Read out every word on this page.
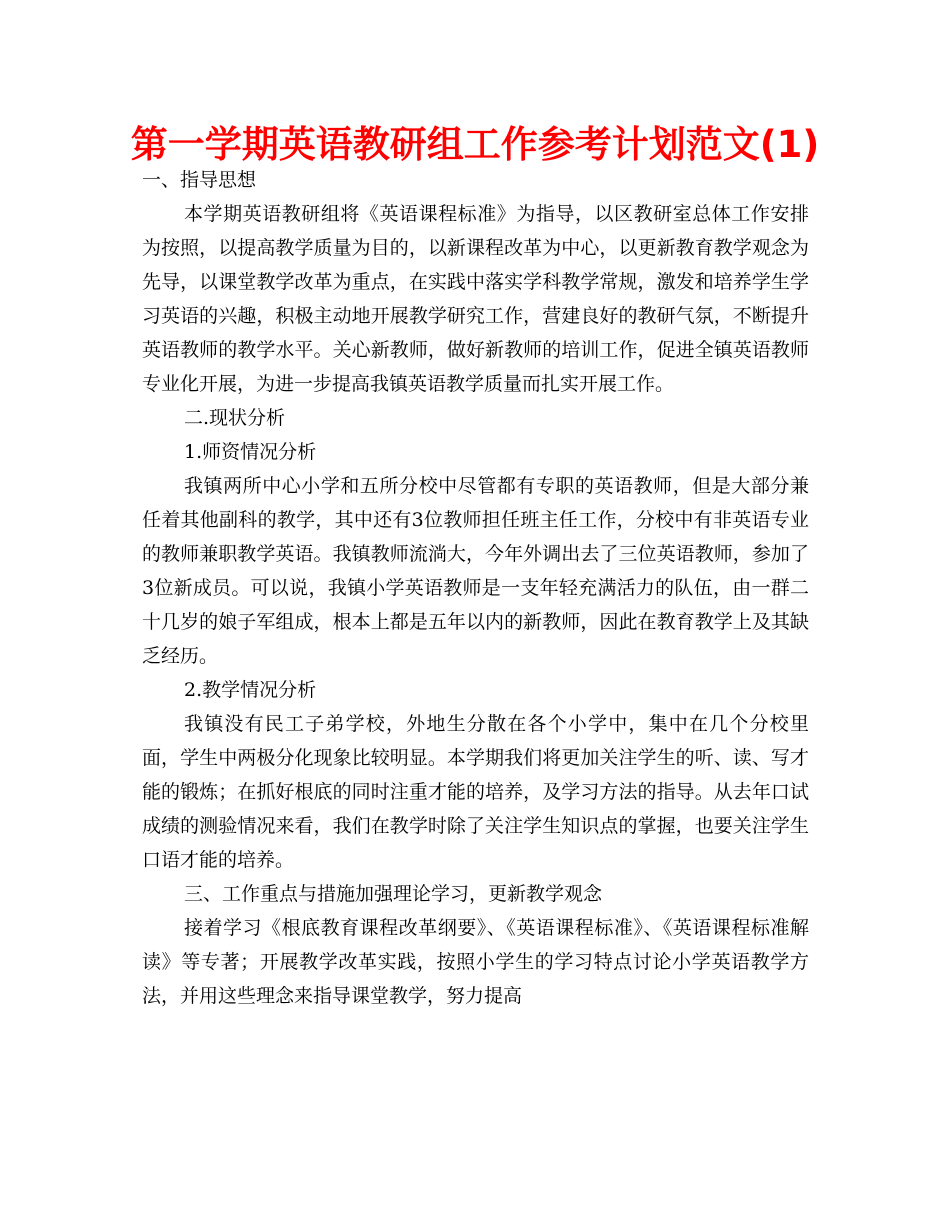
第一学期英语教研组工作参考计划范文(1)

一、指导思想

本学期英语教研组将《英语课程标准》为指导，以区教研室总体工作安排为按照，以提高教学质量为目的，以新课程改革为中心，以更新教育教学观念为先导，以课堂教学改革为重点，在实践中落实学科教学常规，激发和培养学生学习英语的兴趣，积极主动地开展教学研究工作，营建良好的教研气氛，不断提升英语教师的教学水平。关心新教师，做好新教师的培训工作，促进全镇英语教师专业化开展，为进一步提高我镇英语教学质量而扎实开展工作。

二.现状分析

1.师资情况分析

我镇两所中心小学和五所分校中尽管都有专职的英语教师，但是大部分兼任着其他副科的教学，其中还有3位教师担任班主任工作，分校中有非英语专业的教师兼职教学英语。我镇教师流淌大，今年外调出去了三位英语教师，参加了3位新成员。可以说，我镇小学英语教师是一支年轻充满活力的队伍，由一群二十几岁的娘子军组成，根本上都是五年以内的新教师，因此在教育教学上及其缺乏经历。

2.教学情况分析

我镇没有民工子弟学校，外地生分散在各个小学中，集中在几个分校里面，学生中两极分化现象比较明显。本学期我们将更加关注学生的听、读、写才能的锻炼；在抓好根底的同时注重才能的培养，及学习方法的指导。从去年口试成绩的测验情况来看，我们在教学时除了关注学生知识点的掌握，也要关注学生口语才能的培养。

三、工作重点与措施加强理论学习，更新教学观念

接着学习《根底教育课程改革纲要》、《英语课程标准》、《英语课程标准解读》等专著；开展教学改革实践，按照小学生的学习特点讨论小学英语教学方法，并用这些理念来指导课堂教学，努力提高
